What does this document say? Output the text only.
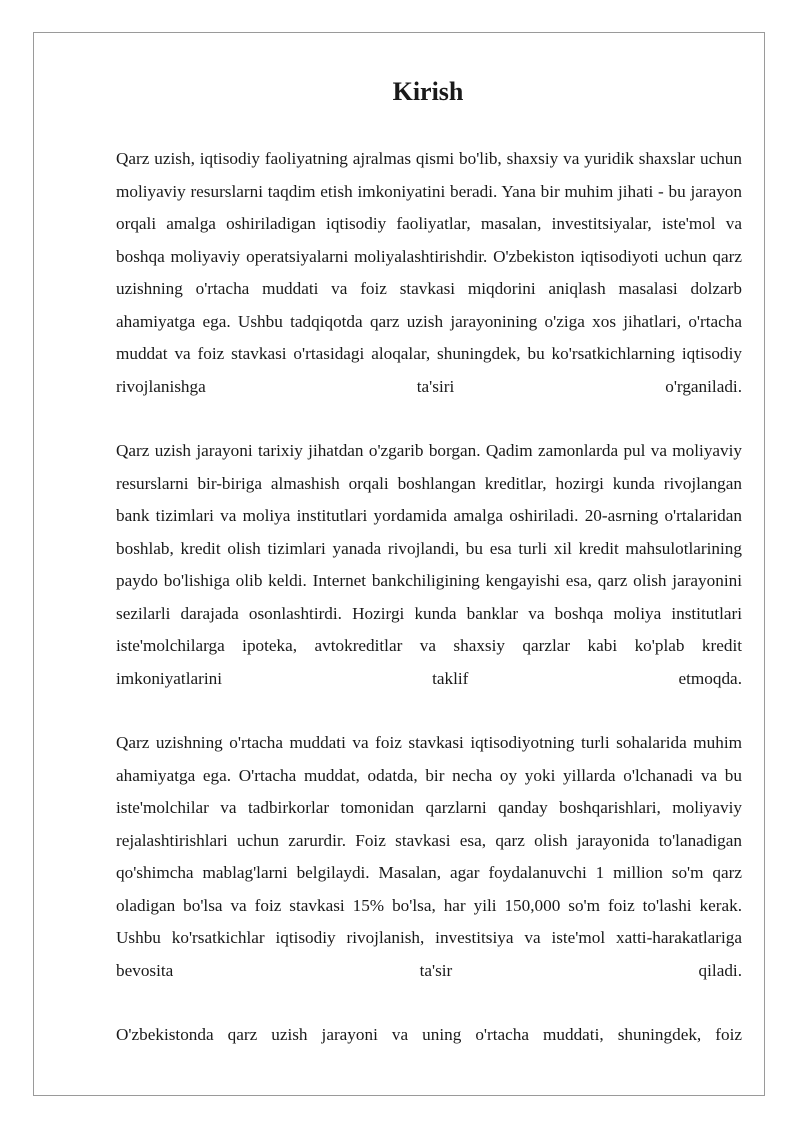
Kirish

Qarz uzish, iqtisodiy faoliyatning ajralmas qismi bo'lib, shaxsiy va yuridik shaxslar uchun moliyaviy resurslarni taqdim etish imkoniyatini beradi. Yana bir muhim jihati - bu jarayon orqali amalga oshiriladigan iqtisodiy faoliyatlar, masalan, investitsiyalar, iste'mol va boshqa moliyaviy operatsiyalarni moliyalashtirishdir. O'zbekiston iqtisodiyoti uchun qarz uzishning o'rtacha muddati va foiz stavkasi miqdorini aniqlash masalasi dolzarb ahamiyatga ega. Ushbu tadqiqotda qarz uzish jarayonining o'ziga xos jihatlari, o'rtacha muddat va foiz stavkasi o'rtasidagi aloqalar, shuningdek, bu ko'rsatkichlarning iqtisodiy rivojlanishga ta'siri o'rganiladi.

Qarz uzish jarayoni tarixiy jihatdan o'zgarib borgan. Qadim zamonlarda pul va moliyaviy resurslarni bir-biriga almashish orqali boshlangan kreditlar, hozirgi kunda rivojlangan bank tizimlari va moliya institutlari yordamida amalga oshiriladi. 20-asrning o'rtalaridan boshlab, kredit olish tizimlari yanada rivojlandi, bu esa turli xil kredit mahsulotlarining paydo bo'lishiga olib keldi. Internet bankchiligining kengayishi esa, qarz olish jarayonini sezilarli darajada osonlashtirdi. Hozirgi kunda banklar va boshqa moliya institutlari iste'molchilarga ipoteka, avtokreditlar va shaxsiy qarzlar kabi ko'plab kredit imkoniyatlarini taklif etmoqda.

Qarz uzishning o'rtacha muddati va foiz stavkasi iqtisodiyotning turli sohalarida muhim ahamiyatga ega. O'rtacha muddat, odatda, bir necha oy yoki yillarda o'lchanadi va bu iste'molchilar va tadbirkorlar tomonidan qarzlarni qanday boshqarishlari, moliyaviy rejalashtirishlari uchun zarurdir. Foiz stavkasi esa, qarz olish jarayonida to'lanadigan qo'shimcha mablag'larni belgilaydi. Masalan, agar foydalanuvchi 1 million so'm qarz oladigan bo'lsa va foiz stavkasi 15% bo'lsa, har yili 150,000 so'm foiz to'lashi kerak. Ushbu ko'rsatkichlar iqtisodiy rivojlanish, investitsiya va iste'mol xatti-harakatlariga bevosita ta'sir qiladi.

O'zbekistonda qarz uzish jarayoni va uning o'rtacha muddati, shuningdek, foiz
